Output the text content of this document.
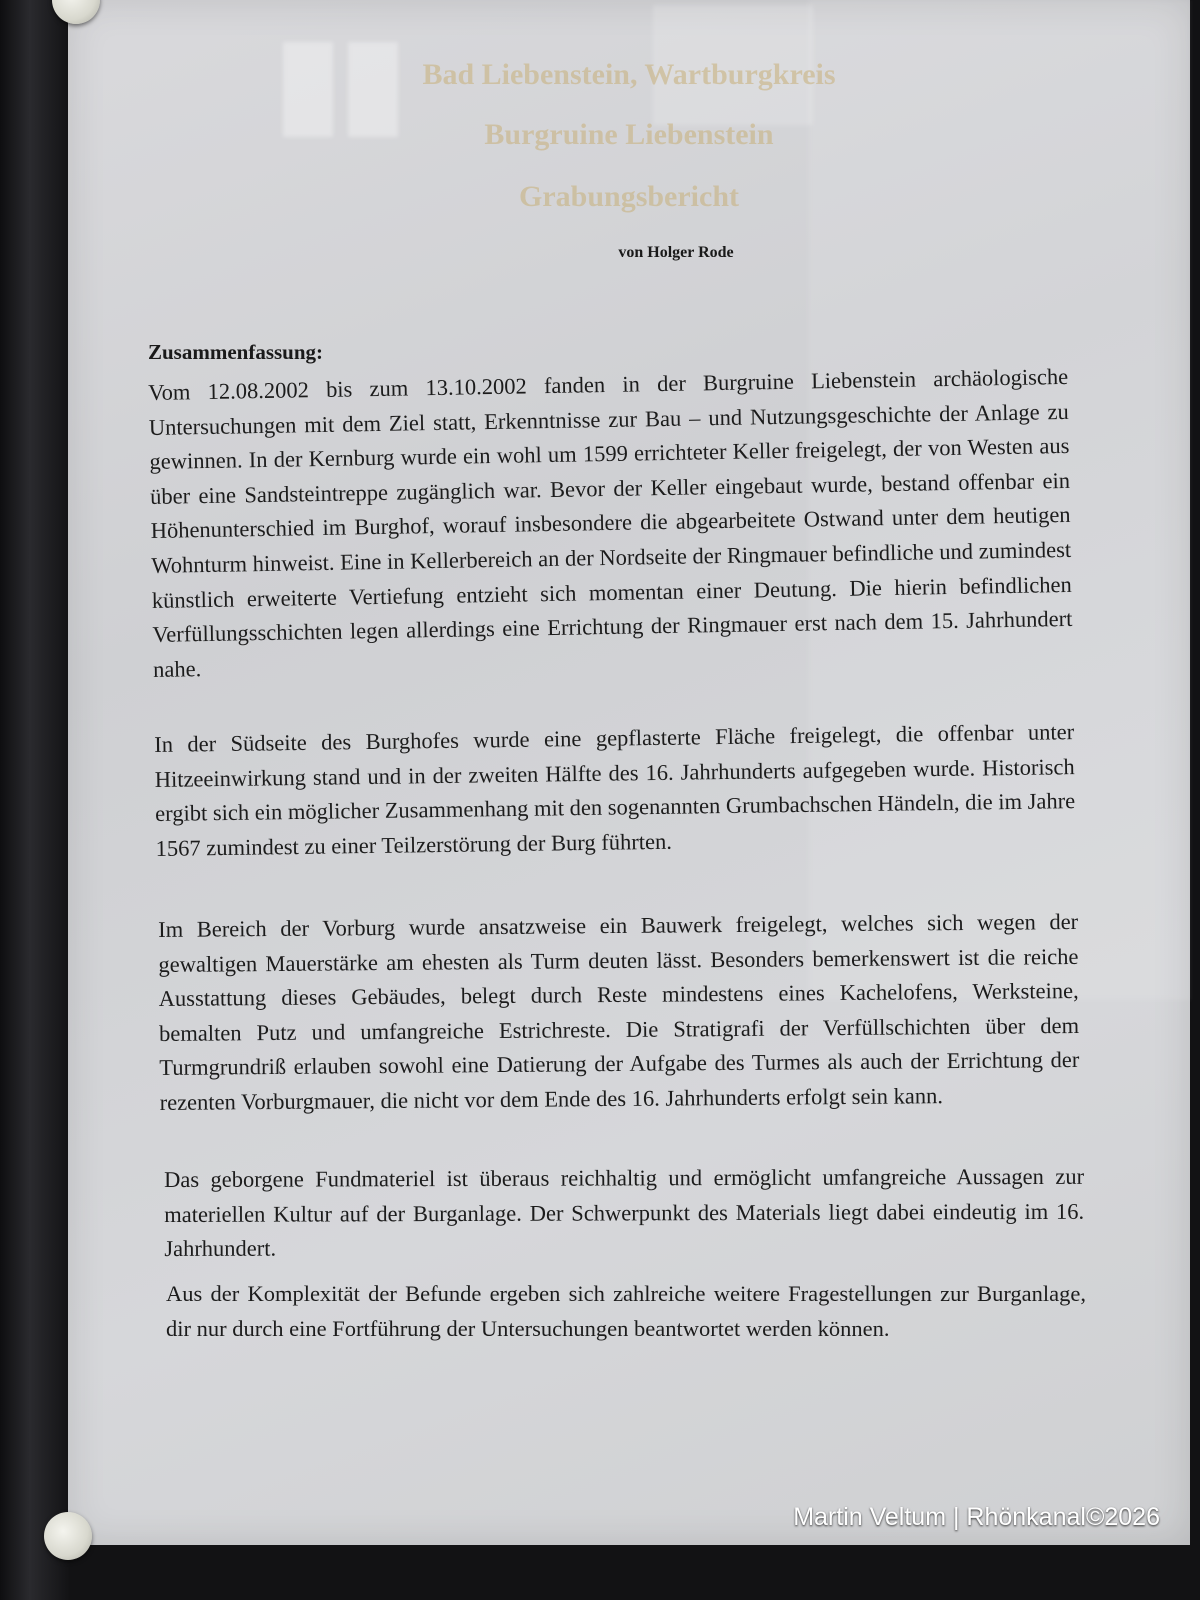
Bad Liebenstein, Wartburgkreis
Burgruine Liebenstein
Grabungsbericht
von Holger Rode
Zusammenfassung:

Vom 12.08.2002 bis zum 13.10.2002 fanden in der Burgruine Liebenstein archäologische Untersuchungen mit dem Ziel statt, Erkenntnisse zur Bau – und Nutzungsgeschichte der Anlage zu gewinnen. In der Kernburg wurde ein wohl um 1599 errichteter Keller freigelegt, der von Westen aus über eine Sandsteintreppe zugänglich war. Bevor der Keller eingebaut wurde, bestand offenbar ein Höhenunterschied im Burghof, worauf insbesondere die abgearbeitete Ostwand unter dem heutigen Wohnturm hinweist. Eine in Kellerbereich an der Nordseite der Ringmauer befindliche und zumindest künstlich erweiterte Vertiefung entzieht sich momentan einer Deutung. Die hierin befindlichen Verfüllungsschichten legen allerdings eine Errichtung der Ringmauer erst nach dem 15. Jahrhundert nahe.

In der Südseite des Burghofes wurde eine gepflasterte Fläche freigelegt, die offenbar unter Hitzeeinwirkung stand und in der zweiten Hälfte des 16. Jahrhunderts aufgegeben wurde. Historisch ergibt sich ein möglicher Zusammenhang mit den sogenannten Grumbachschen Händeln, die im Jahre 1567 zumindest zu einer Teilzerstörung der Burg führten.

Im Bereich der Vorburg wurde ansatzweise ein Bauwerk freigelegt, welches sich wegen der gewaltigen Mauerstärke am ehesten als Turm deuten lässt. Besonders bemerkenswert ist die reiche Ausstattung dieses Gebäudes, belegt durch Reste mindestens eines Kachelofens, Werksteine, bemalten Putz und umfangreiche Estrichreste. Die Stratigrafi der Verfüllschichten über dem Turmgrundriß erlauben sowohl eine Datierung der Aufgabe des Turmes als auch der Errichtung der rezenten Vorburgmauer, die nicht vor dem Ende des 16. Jahrhunderts erfolgt sein kann.

Das geborgene Fundmateriel ist überaus reichhaltig und ermöglicht umfangreiche Aussagen zur materiellen Kultur auf der Burganlage. Der Schwerpunkt des Materials liegt dabei eindeutig im 16. Jahrhundert.

Aus der Komplexität der Befunde ergeben sich zahlreiche weitere Fragestellungen zur Burganlage, dir nur durch eine Fortführung der Untersuchungen beantwortet werden können.

Martin Veltum | Rhönkanal©2026
